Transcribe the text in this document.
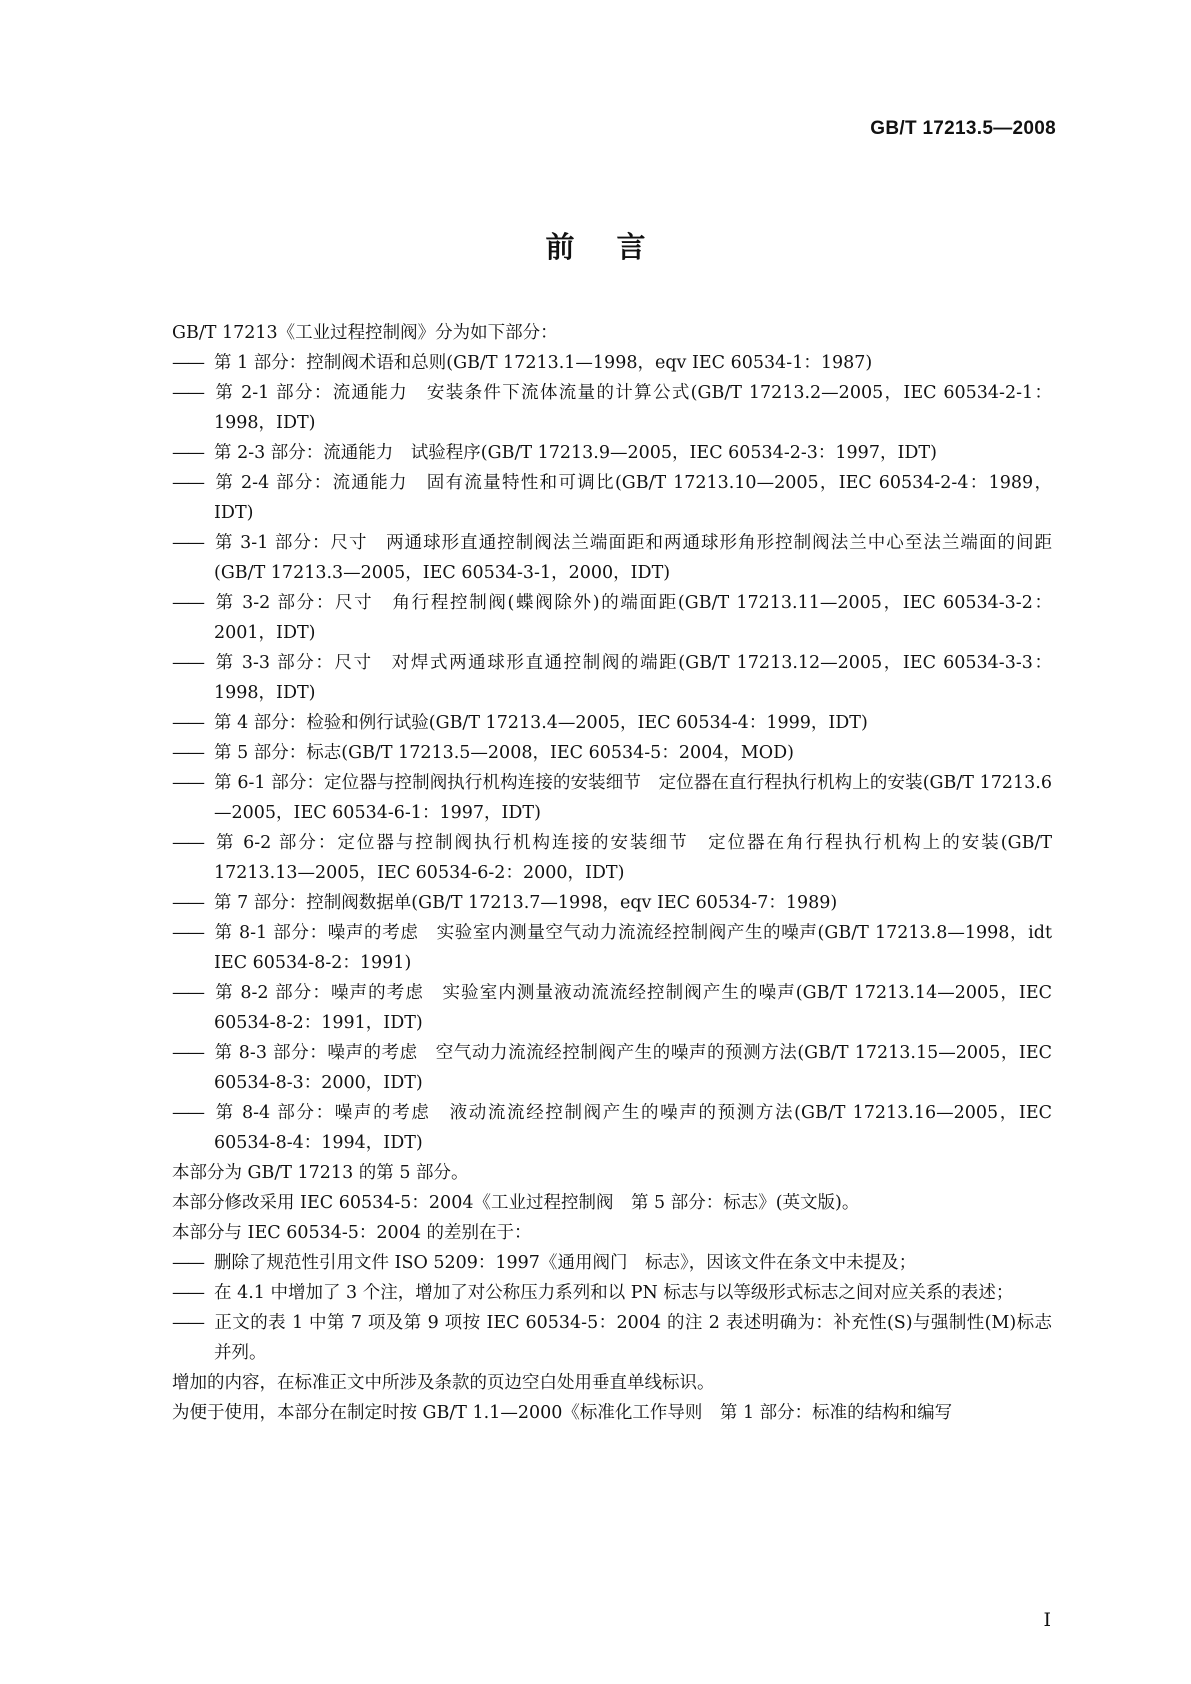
GB/T 17213.5—2008
前言

GB/T 17213《工业过程控制阀》分为如下部分：

—— 第 1 部分：控制阀术语和总则(GB/T 17213.1—1998，eqv IEC 60534-1：1987)

—— 第 2-1 部分：流通能力　安装条件下流体流量的计算公式(GB/T 17213.2—2005，IEC 60534-2-1：1998，IDT)

—— 第 2-3 部分：流通能力　试验程序(GB/T 17213.9—2005，IEC 60534-2-3：1997，IDT)

—— 第 2-4 部分：流通能力　固有流量特性和可调比(GB/T 17213.10—2005，IEC 60534-2-4：1989，IDT)

—— 第 3-1 部分：尺寸　两通球形直通控制阀法兰端面距和两通球形角形控制阀法兰中心至法兰端面的间距(GB/T 17213.3—2005，IEC 60534-3-1，2000，IDT)

—— 第 3-2 部分：尺寸　角行程控制阀(蝶阀除外)的端面距(GB/T 17213.11—2005，IEC 60534-3-2：2001，IDT)

—— 第 3-3 部分：尺寸　对焊式两通球形直通控制阀的端距(GB/T 17213.12—2005，IEC 60534-3-3：1998，IDT)

—— 第 4 部分：检验和例行试验(GB/T 17213.4—2005，IEC 60534-4：1999，IDT)

—— 第 5 部分：标志(GB/T 17213.5—2008，IEC 60534-5：2004，MOD)

—— 第 6-1 部分：定位器与控制阀执行机构连接的安装细节　定位器在直行程执行机构上的安装(GB/T 17213.6—2005，IEC 60534-6-1：1997，IDT)

—— 第 6-2 部分：定位器与控制阀执行机构连接的安装细节　定位器在角行程执行机构上的安装(GB/T 17213.13—2005，IEC 60534-6-2：2000，IDT)

—— 第 7 部分：控制阀数据单(GB/T 17213.7—1998，eqv IEC 60534-7：1989)

—— 第 8-1 部分：噪声的考虑　实验室内测量空气动力流流经控制阀产生的噪声(GB/T 17213.8—1998，idt IEC 60534-8-2：1991)

—— 第 8-2 部分：噪声的考虑　实验室内测量液动流流经控制阀产生的噪声(GB/T 17213.14—2005，IEC 60534-8-2：1991，IDT)

—— 第 8-3 部分：噪声的考虑　空气动力流流经控制阀产生的噪声的预测方法(GB/T 17213.15—2005，IEC 60534-8-3：2000，IDT)

—— 第 8-4 部分：噪声的考虑　液动流流经控制阀产生的噪声的预测方法(GB/T 17213.16—2005，IEC 60534-8-4：1994，IDT)

本部分为 GB/T 17213 的第 5 部分。

本部分修改采用 IEC 60534-5：2004《工业过程控制阀　第 5 部分：标志》(英文版)。

本部分与 IEC 60534-5：2004 的差别在于：

—— 删除了规范性引用文件 ISO 5209：1997《通用阀门　标志》，因该文件在条文中未提及；

—— 在 4.1 中增加了 3 个注，增加了对公称压力系列和以 PN 标志与以等级形式标志之间对应关系的表述；

—— 正文的表 1 中第 7 项及第 9 项按 IEC 60534-5：2004 的注 2 表述明确为：补充性(S)与强制性(M)标志并列。

增加的内容，在标准正文中所涉及条款的页边空白处用垂直单线标识。

为便于使用，本部分在制定时按 GB/T 1.1—2000《标准化工作导则　第 1 部分：标准的结构和编写

I
